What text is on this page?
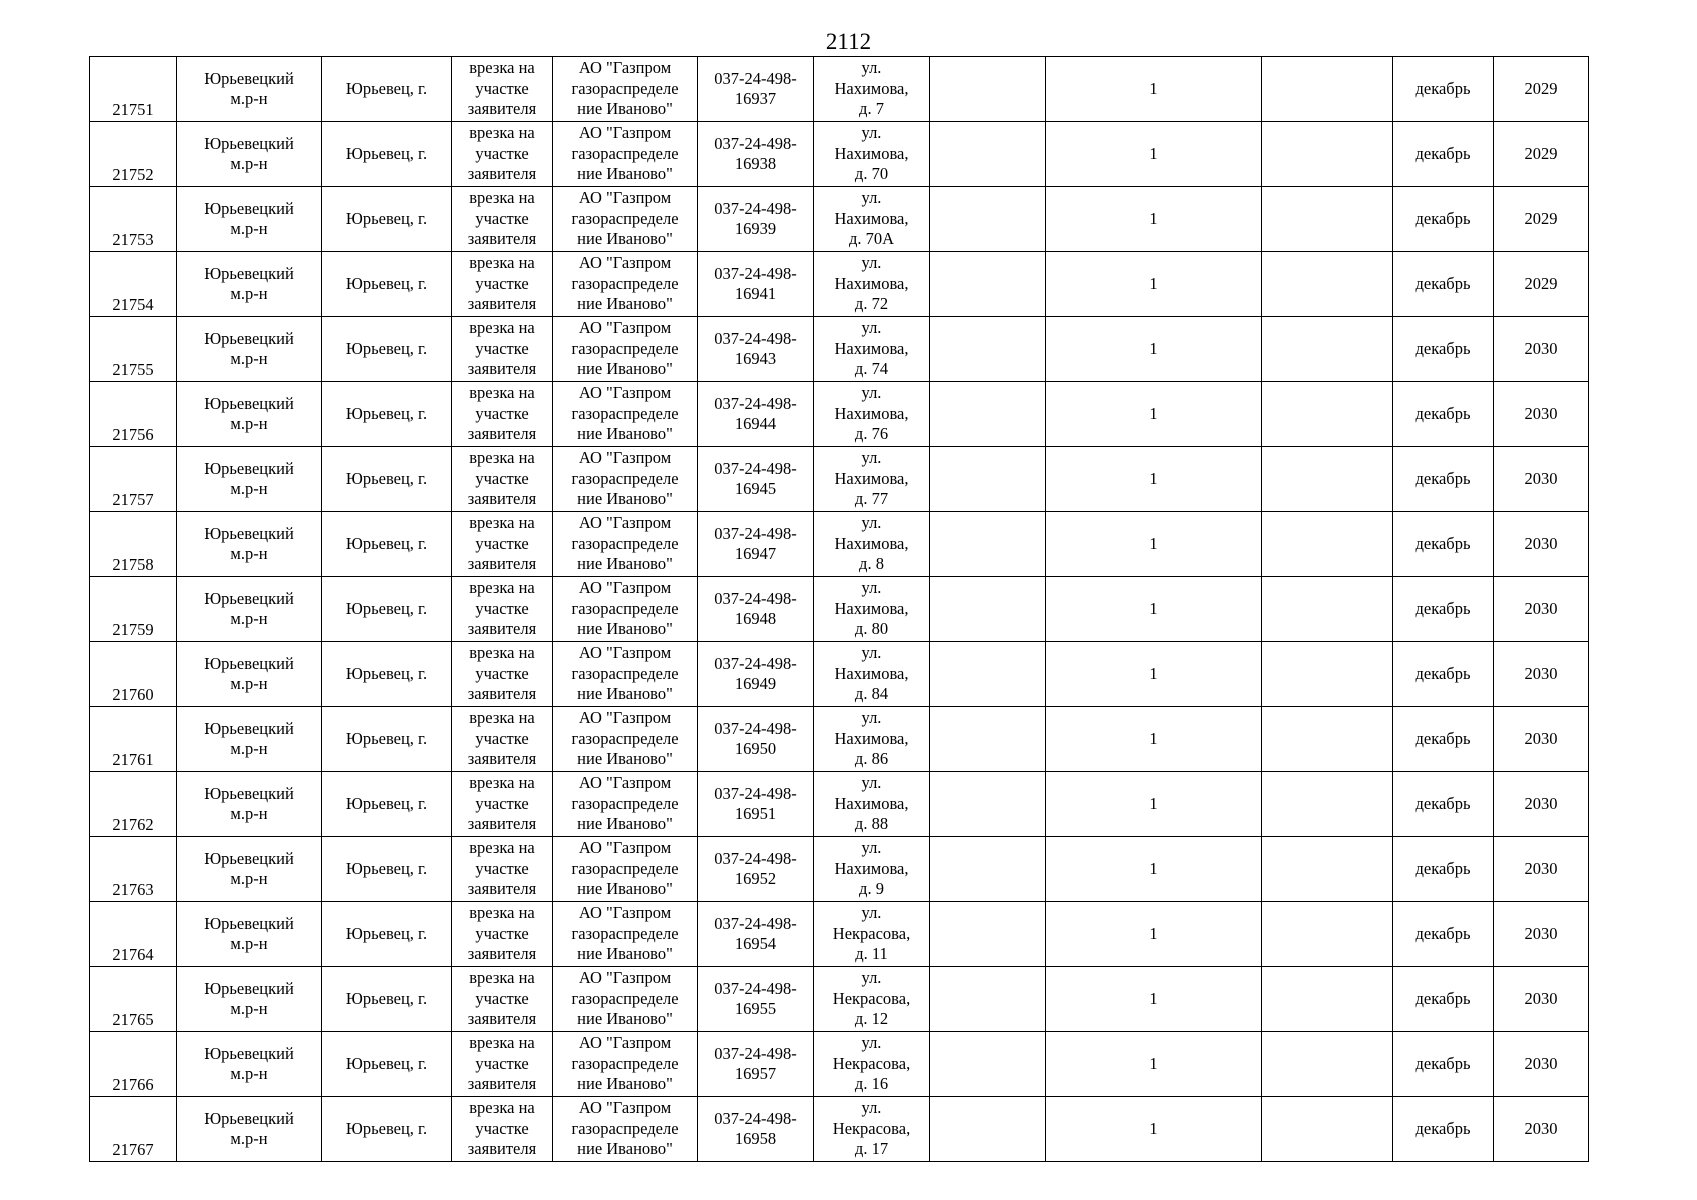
2112
21751	Юрьевецкий
м.р-н	Юрьевец, г.	врезка на
участке
заявителя	АО "Газпром
газораспределе
ние Иваново"	037-24-498-
16937	ул.
Нахимова,
д. 7		1		декабрь	2029
21752	Юрьевецкий
м.р-н	Юрьевец, г.	врезка на
участке
заявителя	АО "Газпром
газораспределе
ние Иваново"	037-24-498-
16938	ул.
Нахимова,
д. 70		1		декабрь	2029
21753	Юрьевецкий
м.р-н	Юрьевец, г.	врезка на
участке
заявителя	АО "Газпром
газораспределе
ние Иваново"	037-24-498-
16939	ул.
Нахимова,
д. 70А		1		декабрь	2029
21754	Юрьевецкий
м.р-н	Юрьевец, г.	врезка на
участке
заявителя	АО "Газпром
газораспределе
ние Иваново"	037-24-498-
16941	ул.
Нахимова,
д. 72		1		декабрь	2029
21755	Юрьевецкий
м.р-н	Юрьевец, г.	врезка на
участке
заявителя	АО "Газпром
газораспределе
ние Иваново"	037-24-498-
16943	ул.
Нахимова,
д. 74		1		декабрь	2030
21756	Юрьевецкий
м.р-н	Юрьевец, г.	врезка на
участке
заявителя	АО "Газпром
газораспределе
ние Иваново"	037-24-498-
16944	ул.
Нахимова,
д. 76		1		декабрь	2030
21757	Юрьевецкий
м.р-н	Юрьевец, г.	врезка на
участке
заявителя	АО "Газпром
газораспределе
ние Иваново"	037-24-498-
16945	ул.
Нахимова,
д. 77		1		декабрь	2030
21758	Юрьевецкий
м.р-н	Юрьевец, г.	врезка на
участке
заявителя	АО "Газпром
газораспределе
ние Иваново"	037-24-498-
16947	ул.
Нахимова,
д. 8		1		декабрь	2030
21759	Юрьевецкий
м.р-н	Юрьевец, г.	врезка на
участке
заявителя	АО "Газпром
газораспределе
ние Иваново"	037-24-498-
16948	ул.
Нахимова,
д. 80		1		декабрь	2030
21760	Юрьевецкий
м.р-н	Юрьевец, г.	врезка на
участке
заявителя	АО "Газпром
газораспределе
ние Иваново"	037-24-498-
16949	ул.
Нахимова,
д. 84		1		декабрь	2030
21761	Юрьевецкий
м.р-н	Юрьевец, г.	врезка на
участке
заявителя	АО "Газпром
газораспределе
ние Иваново"	037-24-498-
16950	ул.
Нахимова,
д. 86		1		декабрь	2030
21762	Юрьевецкий
м.р-н	Юрьевец, г.	врезка на
участке
заявителя	АО "Газпром
газораспределе
ние Иваново"	037-24-498-
16951	ул.
Нахимова,
д. 88		1		декабрь	2030
21763	Юрьевецкий
м.р-н	Юрьевец, г.	врезка на
участке
заявителя	АО "Газпром
газораспределе
ние Иваново"	037-24-498-
16952	ул.
Нахимова,
д. 9		1		декабрь	2030
21764	Юрьевецкий
м.р-н	Юрьевец, г.	врезка на
участке
заявителя	АО "Газпром
газораспределе
ние Иваново"	037-24-498-
16954	ул.
Некрасова,
д. 11		1		декабрь	2030
21765	Юрьевецкий
м.р-н	Юрьевец, г.	врезка на
участке
заявителя	АО "Газпром
газораспределе
ние Иваново"	037-24-498-
16955	ул.
Некрасова,
д. 12		1		декабрь	2030
21766	Юрьевецкий
м.р-н	Юрьевец, г.	врезка на
участке
заявителя	АО "Газпром
газораспределе
ние Иваново"	037-24-498-
16957	ул.
Некрасова,
д. 16		1		декабрь	2030
21767	Юрьевецкий
м.р-н	Юрьевец, г.	врезка на
участке
заявителя	АО "Газпром
газораспределе
ние Иваново"	037-24-498-
16958	ул.
Некрасова,
д. 17		1		декабрь	2030
